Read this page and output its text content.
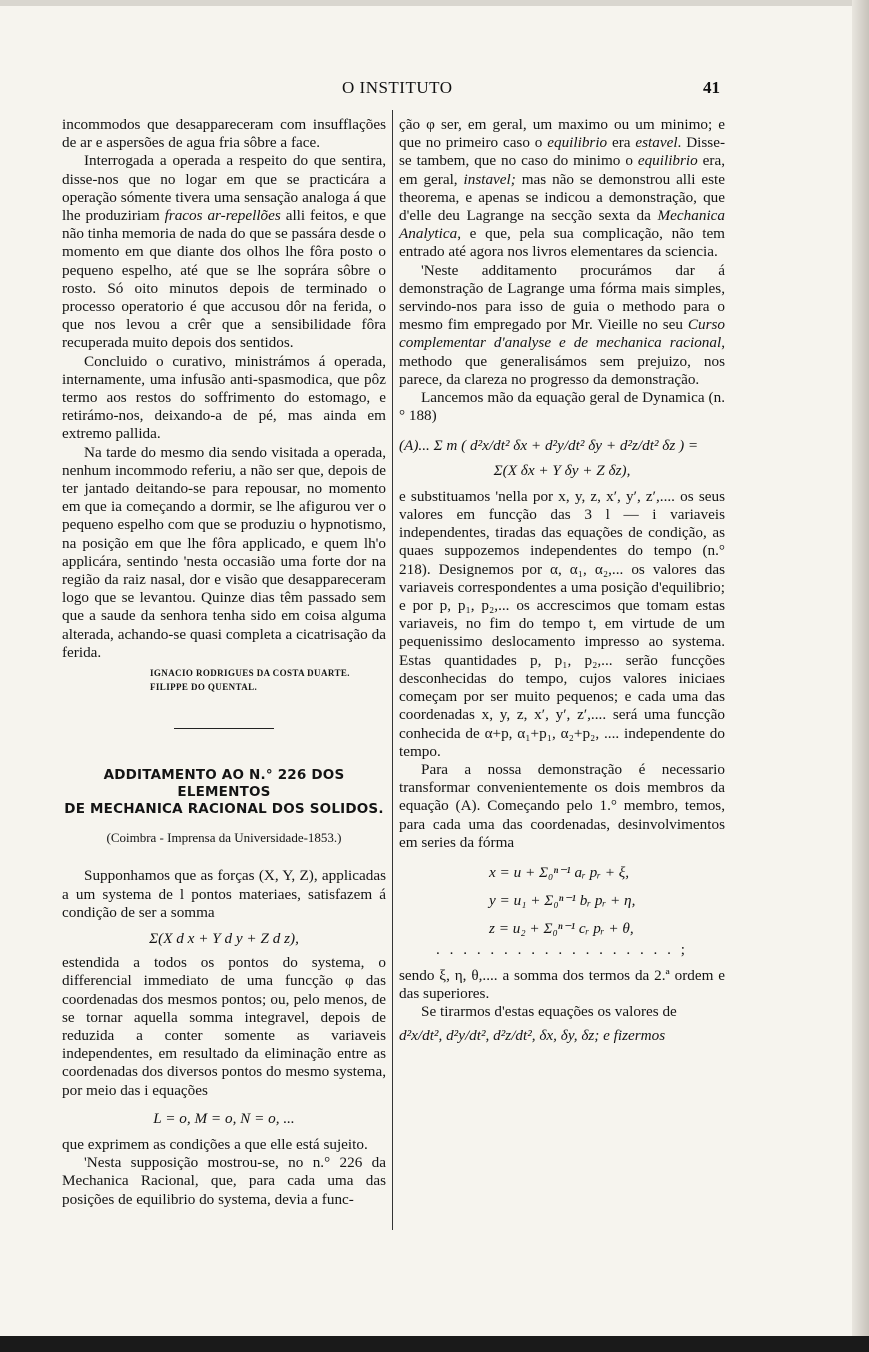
O INSTITUTO	41

incommodos que desappareceram com insufflações de ar e aspersões de agua fria sôbre a face.

Interrogada a operada a respeito do que sentira, disse-nos que no logar em que se practicára a operação sómente tivera uma sensação analoga á que lhe produziriam fracos ar-repellões alli feitos, e que não tinha memoria de nada do que se passára desde o momento em que diante dos olhos lhe fôra posto o pequeno espelho, até que se lhe soprára sôbre o rosto. Só oito minutos depois de terminado o processo operatorio é que accusou dôr na ferida, o que nos levou a crêr que a sensibilidade fôra recuperada muito depois dos sentidos.

Concluido o curativo, ministrámos á operada, internamente, uma infusão anti-spasmodica, que pôz termo aos restos do soffrimento do estomago, e retirámo-nos, deixando-a de pé, mas ainda em extremo pallida.

Na tarde do mesmo dia sendo visitada a operada, nenhum incommodo referiu, a não ser que, depois de ter jantado deitando-se para repousar, no momento em que ia começando a dormir, se lhe afigurou ver o pequeno espelho com que se produziu o hypnotismo, na posição em que lhe fôra applicado, e quem lh'o applicára, sentindo 'nesta occasião uma forte dor na região da raiz nasal, dor e visão que desappareceram logo que se levantou. Quinze dias têm passado sem que a saude da senhora tenha sido em coisa alguma alterada, achando-se quasi completa a cicatrisação da ferida.

IGNACIO RODRIGUES DA COSTA DUARTE.

FILIPPE DO QUENTAL.

ADDITAMENTO AO N.° 226 DOS ELEMENTOS

DE MECHANICA RACIONAL DOS SOLIDOS.

(Coimbra - Imprensa da Universidade-1853.)

Supponhamos que as forças (X, Y, Z), applicadas a um systema de l pontos materiaes, satisfazem á condição de ser a somma

Σ(X d x + Y d y + Z d z),

estendida a todos os pontos do systema, o differencial immediato de uma funcção φ das coordenadas dos mesmos pontos; ou, pelo menos, de se tornar aquella somma integravel, depois de reduzida a conter somente as variaveis independentes, em resultado da eliminação entre as coordenadas dos diversos pontos do mesmo systema, por meio das i equações

L = o, M = o, N = o, ...

que exprimem as condições a que elle está sujeito.

'Nesta supposição mostrou-se, no n.° 226 da Mechanica Racional, que, para cada uma das posições de equilibrio do systema, devia a func-

ção φ ser, em geral, um maximo ou um minimo; e que no primeiro caso o equilibrio era estavel. Disse-se tambem, que no caso do minimo o equilibrio era, em geral, instavel; mas não se demonstrou alli este theorema, e apenas se indicou a demonstração, que d'elle deu Lagrange na secção sexta da Mechanica Analytica, e que, pela sua complicação, não tem entrado até agora nos livros elementares da sciencia.

'Neste additamento procurámos dar á demonstração de Lagrange uma fórma mais simples, servindo-nos para isso de guia o methodo para o mesmo fim empregado por Mr. Vieille no seu Curso complementar d'analyse e de mechanica racional, methodo que generalisámos sem prejuizo, nos parece, da clareza no progresso da demonstração.

Lancemos mão da equação geral de Dynamica (n.° 188)

(A)... Σ m ( d²x/dt² δx + d²y/dt² δy + d²z/dt² δz ) =

Σ(X δx + Y δy + Z δz),

e substituamos 'nella por x, y, z, x′, y′, z′,.... os seus valores em funcção das 3 l — i variaveis independentes, tiradas das equações de condição, as quaes suppozemos independentes do tempo (n.° 218). Designemos por α, α₁, α₂,... os valores das variaveis correspondentes a uma posição d'equilibrio; e por p, p₁, p₂,... os accrescimos que tomam estas variaveis, no fim do tempo t, em virtude de um pequenissimo deslocamento impresso ao systema. Estas quantidades p, p₁, p₂,... serão funcções desconhecidas do tempo, cujos valores iniciaes começam por ser muito pequenos; e cada uma das coordenadas x, y, z, x′, y′, z′,.... será uma funcção conhecida de α+p, α₁+p₁, α₂+p₂, .... independente do tempo.

Para a nossa demonstração é necessario transformar convenientemente os dois membros da equação (A). Começando pelo 1.° membro, temos, para cada uma das coordenadas, desinvolvimentos em series da fórma

x = u + Σ₀ⁿ⁻¹ aᵣ pᵣ + ξ,

y = u₁ + Σ₀ⁿ⁻¹ bᵣ pᵣ + η,

z = u₂ + Σ₀ⁿ⁻¹ cᵣ pᵣ + θ,

. . . . . . . . . . . . . . . . . . ;

sendo ξ, η, θ,.... a somma dos termos da 2.ª ordem e das superiores.

Se tirarmos d'estas equações os valores de

d²x/dt², d²y/dt², d²z/dt², δx, δy, δz; e fizermos
